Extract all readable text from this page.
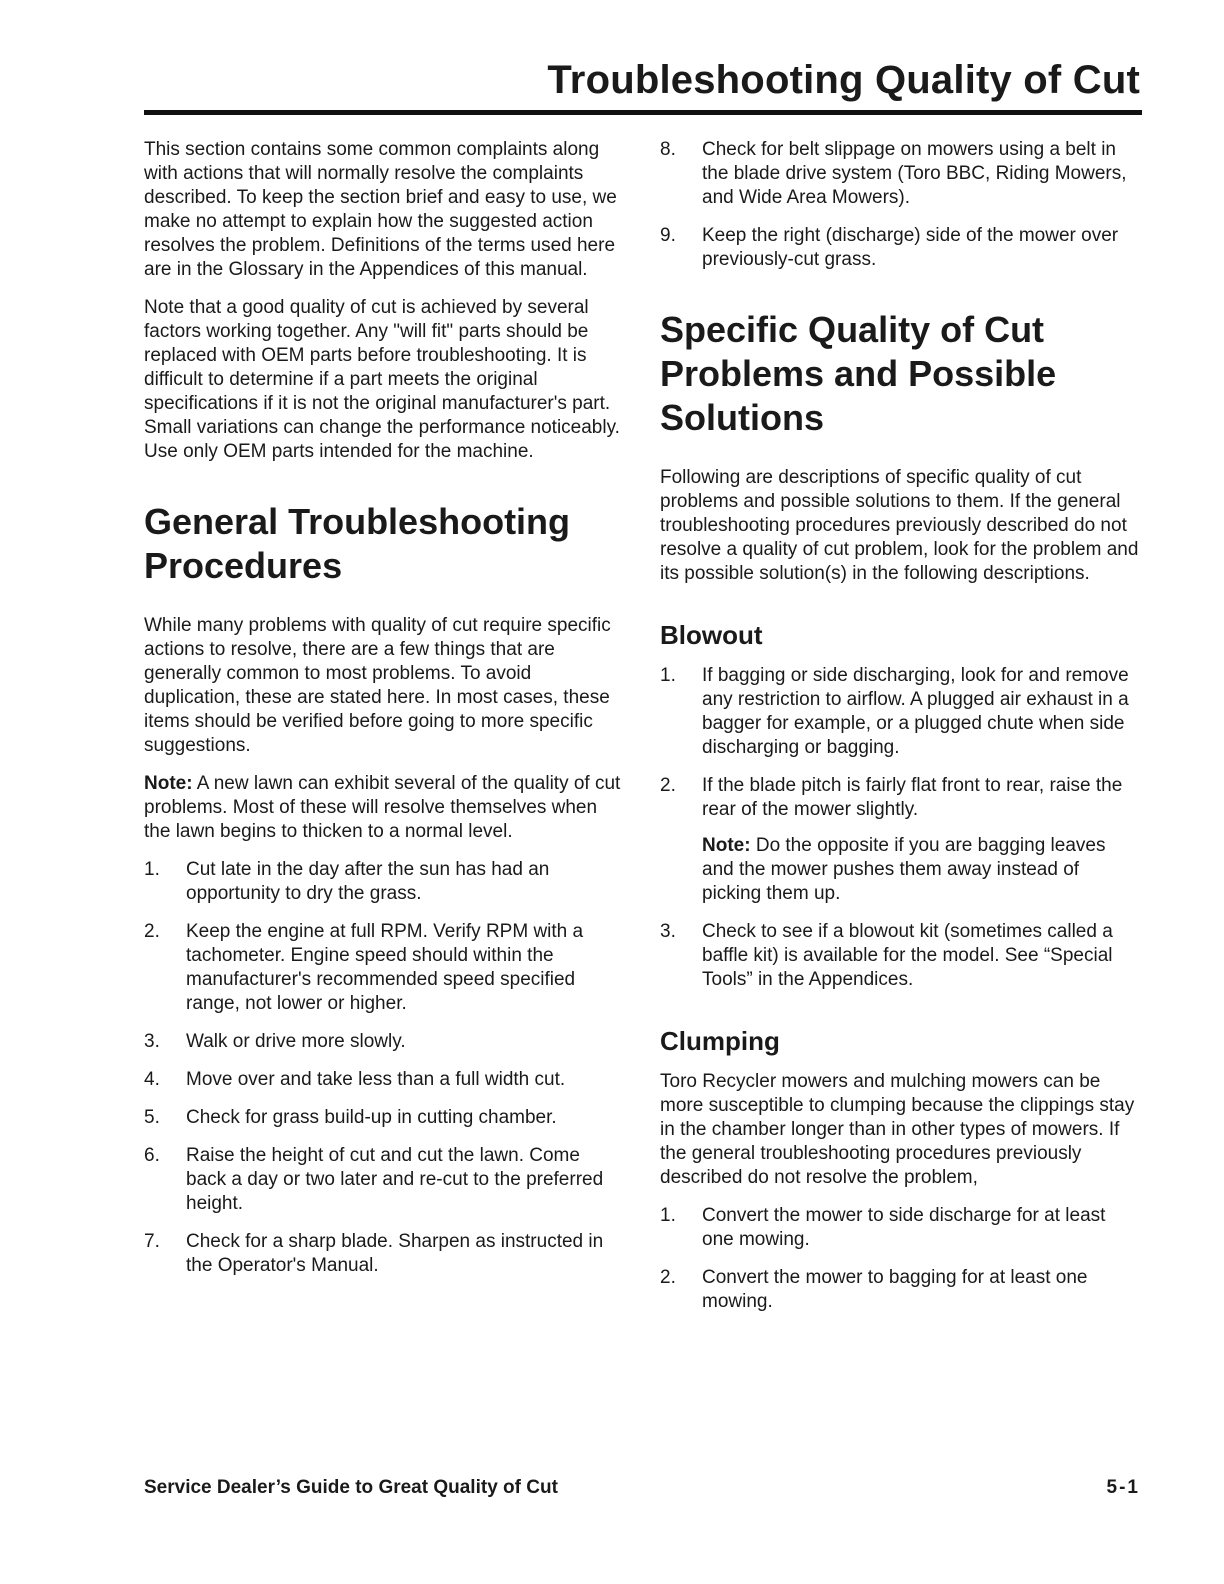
Troubleshooting Quality of Cut

This section contains some common complaints along with actions that will normally resolve the complaints described. To keep the section brief and easy to use, we make no attempt to explain how the suggested action resolves the problem. Definitions of the terms used here are in the Glossary in the Appendices of this manual.

Note that a good quality of cut is achieved by several factors working together. Any "will fit" parts should be replaced with OEM parts before troubleshooting. It is difficult to determine if a part meets the original specifications if it is not the original manufacturer's part. Small variations can change the performance noticeably. Use only OEM parts intended for the machine.

General Troubleshooting Procedures

While many problems with quality of cut require specific actions to resolve, there are a few things that are generally common to most problems. To avoid duplication, these are stated here. In most cases, these items should be verified before going to more specific suggestions.

Note: A new lawn can exhibit several of the quality of cut problems. Most of these will resolve themselves when the lawn begins to thicken to a normal level.

1. Cut late in the day after the sun has had an opportunity to dry the grass.
2. Keep the engine at full RPM. Verify RPM with a tachometer. Engine speed should within the manufacturer's recommended speed specified range, not lower or higher.
3. Walk or drive more slowly.
4. Move over and take less than a full width cut.
5. Check for grass build-up in cutting chamber.
6. Raise the height of cut and cut the lawn. Come back a day or two later and re-cut to the preferred height.
7. Check for a sharp blade. Sharpen as instructed in the Operator's Manual.
8. Check for belt slippage on mowers using a belt in the blade drive system (Toro BBC, Riding Mowers, and Wide Area Mowers).
9. Keep the right (discharge) side of the mower over previously-cut grass.
Specific Quality of Cut Problems and Possible Solutions

Following are descriptions of specific quality of cut problems and possible solutions to them. If the general troubleshooting procedures previously described do not resolve a quality of cut problem, look for the problem and its possible solution(s) in the following descriptions.

Blowout
1. If bagging or side discharging, look for and remove any restriction to airflow. A plugged air exhaust in a bagger for example, or a plugged chute when side discharging or bagging.
2. If the blade pitch is fairly flat front to rear, raise the rear of the mower slightly.

Note: Do the opposite if you are bagging leaves and the mower pushes them away instead of picking them up.

3. Check to see if a blowout kit (sometimes called a baffle kit) is available for the model. See “Special Tools” in the Appendices.
Clumping

Toro Recycler mowers and mulching mowers can be more susceptible to clumping because the clippings stay in the chamber longer than in other types of mowers. If the general troubleshooting procedures previously described do not resolve the problem,

1. Convert the mower to side discharge for at least one mowing.
2. Convert the mower to bagging for at least one mowing.
Service Dealer’s Guide to Great Quality of Cut	5-1
